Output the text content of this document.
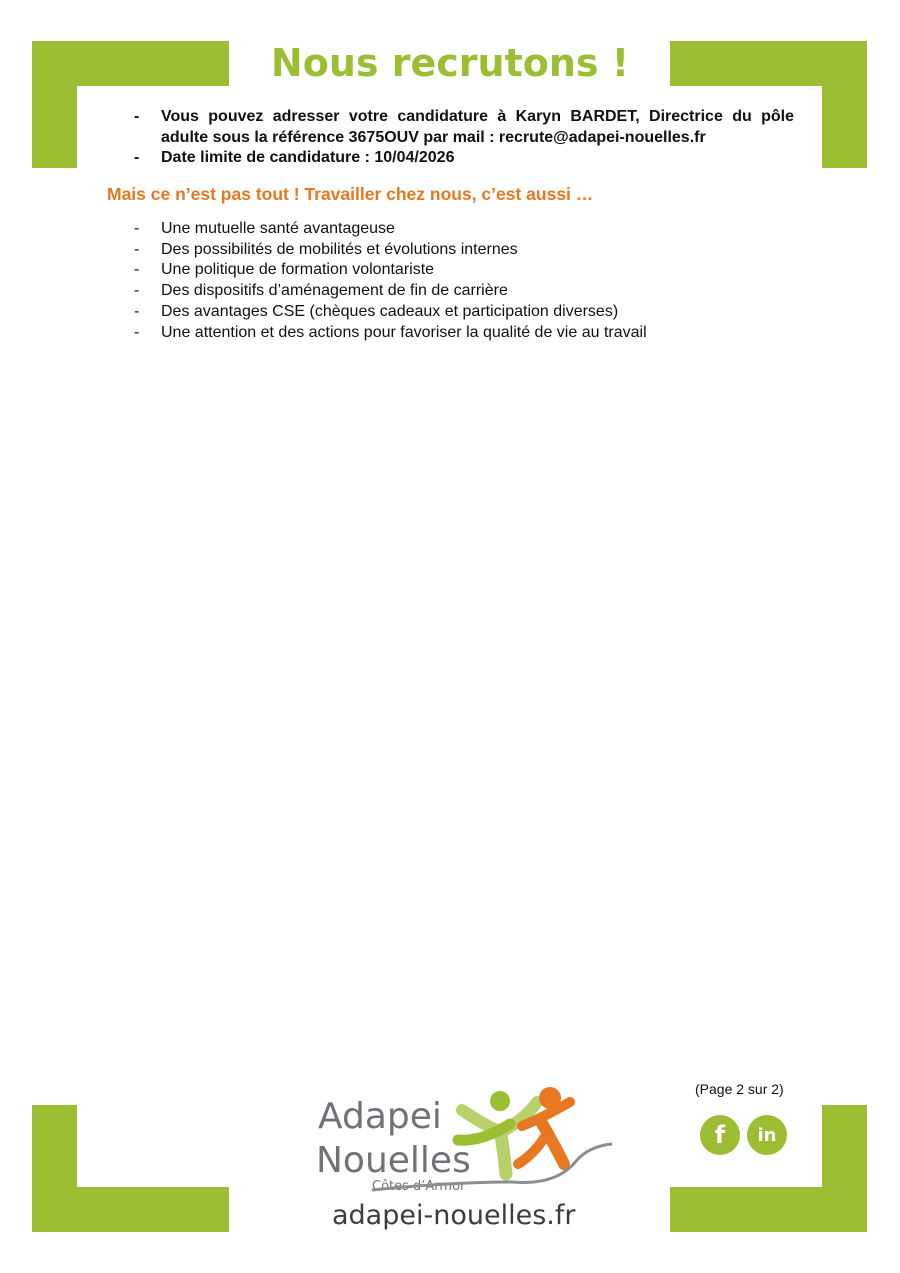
Nous recrutons !
- Vous pouvez adresser votre candidature à Karyn BARDET, Directrice du pôle adulte sous la référence 3675OUV par mail : recrute@adapei-nouelles.fr
- Date limite de candidature : 10/04/2026

Mais ce n’est pas tout ! Travailler chez nous, c’est aussi …

- Une mutuelle santé avantageuse
- Des possibilités de mobilités et évolutions internes
- Une politique de formation volontariste
- Des dispositifs d’aménagement de fin de carrière
- Des avantages CSE (chèques cadeaux et participation diverses)
- Une attention et des actions pour favoriser la qualité de vie au travail
(Page 2 sur 2)
f in
Adapei
Nouelles
Côtes d’Armor
adapei-nouelles.fr
